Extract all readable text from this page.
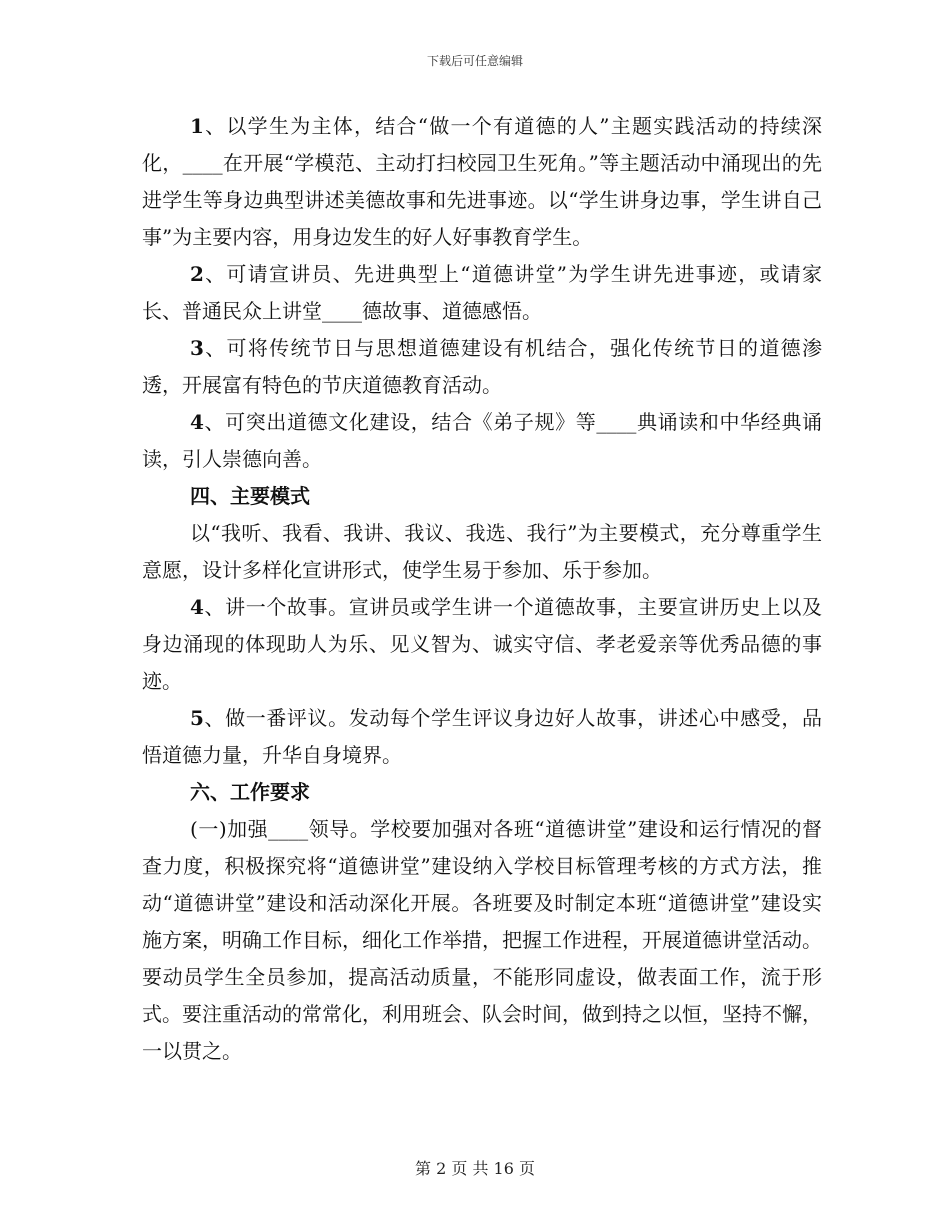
下载后可任意编辑

1、以学生为主体，结合“做一个有道德的人”主题实践活动的持续深化，____在开展“学模范、主动打扫校园卫生死角。”等主题活动中涌现出的先进学生等身边典型讲述美德故事和先进事迹。以“学生讲身边事，学生讲自己事”为主要内容，用身边发生的好人好事教育学生。

2、可请宣讲员、先进典型上“道德讲堂”为学生讲先进事迹，或请家长、普通民众上讲堂____德故事、道德感悟。

3、可将传统节日与思想道德建设有机结合，强化传统节日的道德渗透，开展富有特色的节庆道德教育活动。

4、可突出道德文化建设，结合《弟子规》等____典诵读和中华经典诵读，引人崇德向善。

四、主要模式

以“我听、我看、我讲、我议、我选、我行”为主要模式，充分尊重学生意愿，设计多样化宣讲形式，使学生易于参加、乐于参加。

4、讲一个故事。宣讲员或学生讲一个道德故事，主要宣讲历史上以及身边涌现的体现助人为乐、见义智为、诚实守信、孝老爱亲等优秀品德的事迹。

5、做一番评议。发动每个学生评议身边好人故事，讲述心中感受，品悟道德力量，升华自身境界。

六、工作要求

(一)加强____领导。学校要加强对各班“道德讲堂”建设和运行情况的督查力度，积极探究将“道德讲堂”建设纳入学校目标管理考核的方式方法，推动“道德讲堂”建设和活动深化开展。各班要及时制定本班“道德讲堂”建设实施方案，明确工作目标，细化工作举措，把握工作进程，开展道德讲堂活动。要动员学生全员参加，提高活动质量，不能形同虚设，做表面工作，流于形式。要注重活动的常常化，利用班会、队会时间，做到持之以恒，坚持不懈，一以贯之。

第 2 页 共 16 页
